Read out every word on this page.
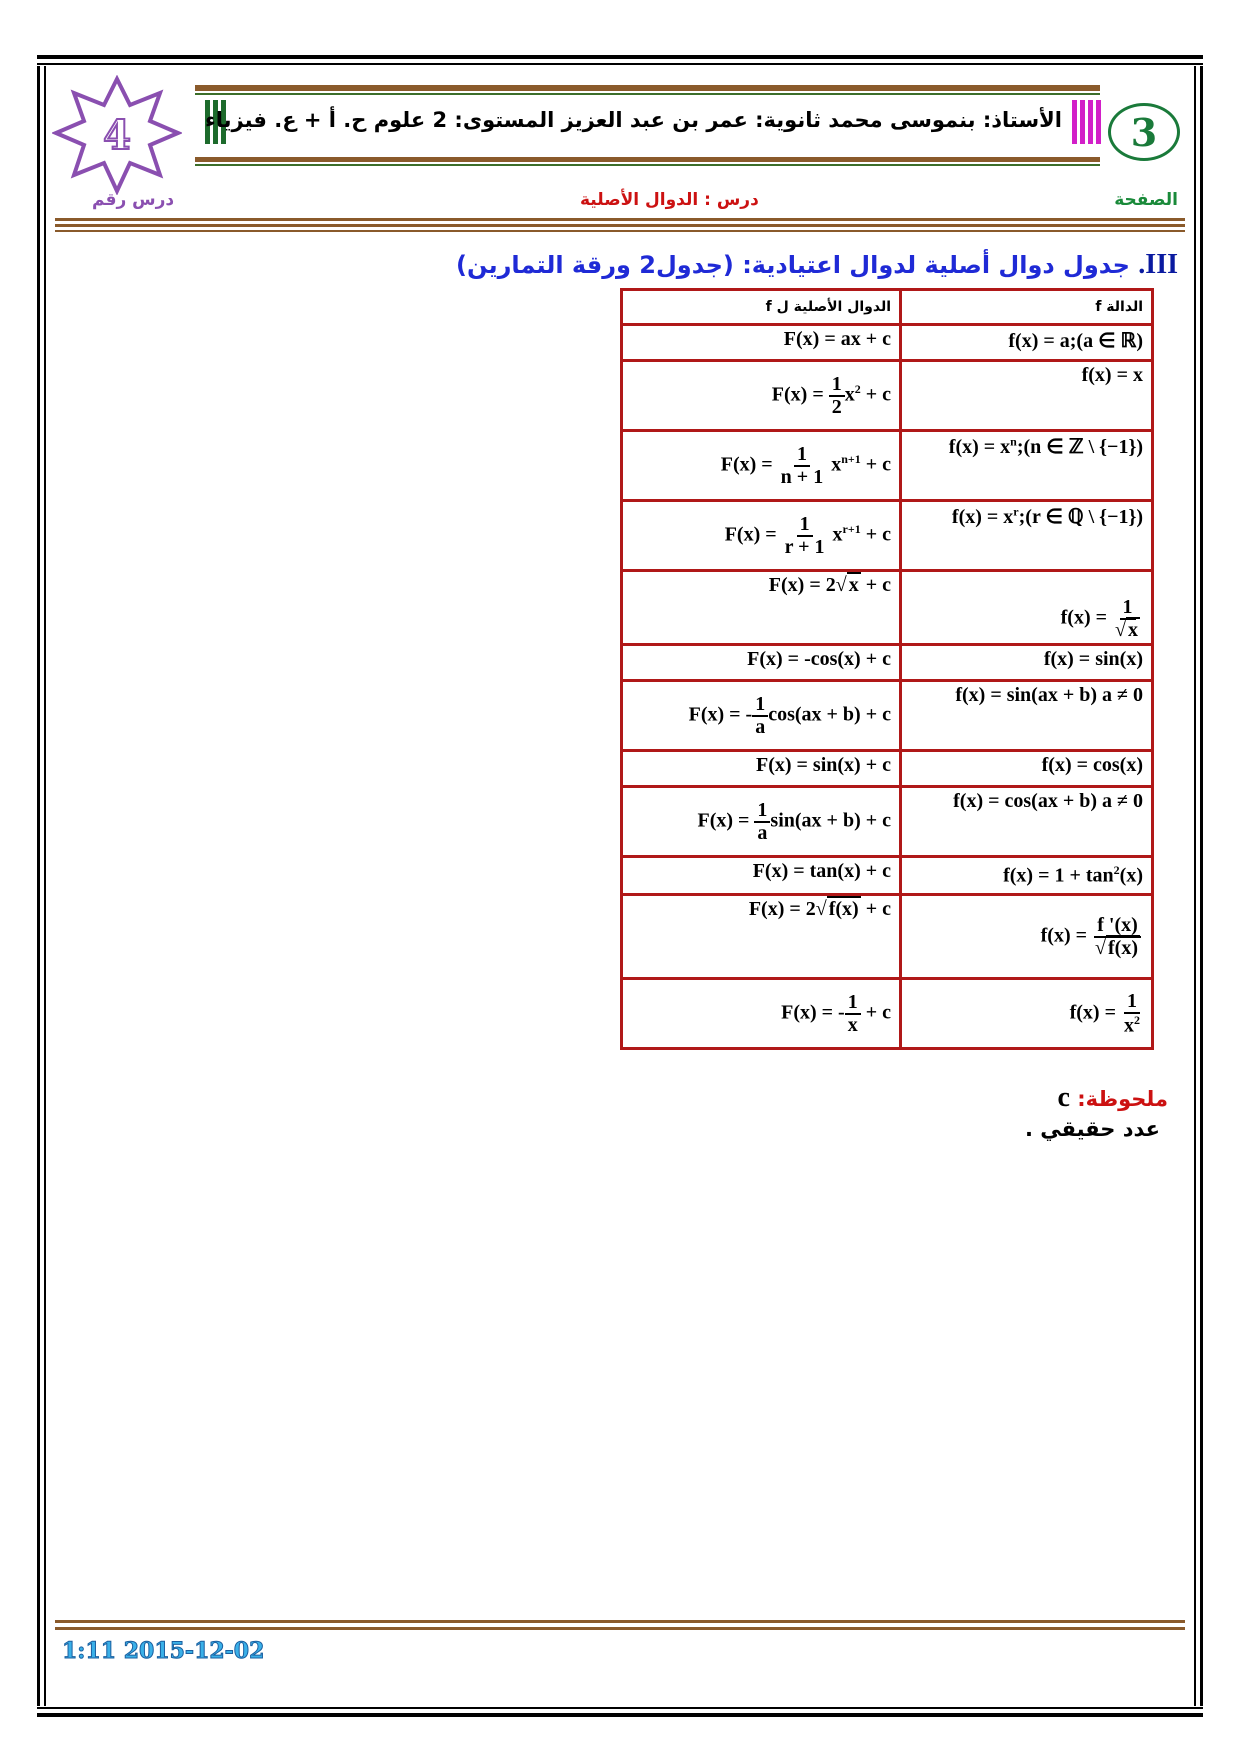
الأستاذ: بنموسى محمد ثانوية: عمر بن عبد العزيز المستوى: 2 علوم ح. أ + ع. فيزياء	3
4
الصفحة
درس : الدوال الأصلية
درس رقم
III. جدول دوال أصلية لدوال اعتيادية: (جدول2 ورقة التمارين)
الدوال الأصلية ل f	الدالة f
F(x) = ax + c	f(x) = a;(a ∈ ℝ)
$F(x) = \frac{1}{2} x^2 + c$	f(x) = x
$F(x) = \frac{1}{n + 1} x^{n+1} + c$	$f(x) = x^n;(n$ ∈ ℤ \ {−1})
$F(x) = \frac{1}{r + 1} x^{r+1} + c$	$f(x) = x^r;(r$ ∈ ℚ \ {−1})
F(x) = 2√ x + c	$f(x) = \frac{1}{√ x}$

F(x) = -cos(x) + c	f(x) = sin(x)
F(x) = - $\frac{1}{a} \cos(ax + b) + c$	f(x) = sin(ax + b) a ≠ 0
F(x) = sin(x) + c	f(x) = cos(x)
$F(x) = \frac{1}{a} \sin(ax + b) + c$	f(x) = cos(ax + b) a ≠ 0
F(x) = tan(x) + c	$f(x) = 1 + \tan^2(x)$
F(x) = 2√ f(x) + c	$f(x) = \frac{f '(x)}{√ f(x)}$

F(x) = - $\frac{1}{x} + c$	$f(x) = \frac{1}{x^2}$
ملحوظة: c
عدد حقيقي .
1:11 2015-12-02
